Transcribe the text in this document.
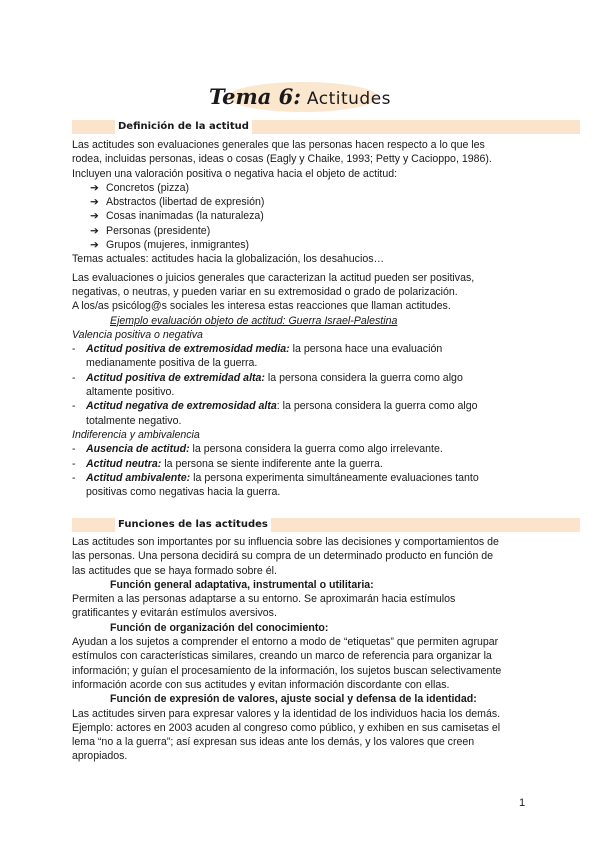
Tema 6: Actitudes
Definición de la actitud

Las actitudes son evaluaciones generales que las personas hacen respecto a lo que les

rodea, incluidas personas, ideas o cosas (Eagly y Chaike, 1993; Petty y Cacioppo, 1986).

Incluyen una valoración positiva o negativa hacia el objeto de actitud:

➔ Concretos (pizza)

➔ Abstractos (libertad de expresión)

➔ Cosas inanimadas (la naturaleza)

➔ Personas (presidente)

➔ Grupos (mujeres, inmigrantes)

Temas actuales: actitudes hacia la globalización, los desahucios…

Las evaluaciones o juicios generales que caracterizan la actitud pueden ser positivas,

negativas, o neutras, y pueden variar en su extremosidad o grado de polarización.

A los/as psicólog@s sociales les interesa estas reacciones que llaman actitudes.

Ejemplo evaluación objeto de actitud: Guerra Israel-Palestina

Valencia positiva o negativa

- Actitud positiva de extremosidad media: la persona hace una evaluación
medianamente positiva de la guerra.
- Actitud positiva de extremidad alta: la persona considera la guerra como algo
altamente positivo.
- Actitud negativa de extremosidad alta: la persona considera la guerra como algo
totalmente negativo.

Indiferencia y ambivalencia

- Ausencia de actitud: la persona considera la guerra como algo irrelevante.
- Actitud neutra: la persona se siente indiferente ante la guerra.
- Actitud ambivalente: la persona experimenta simultáneamente evaluaciones tanto
positivas como negativas hacia la guerra.
Funciones de las actitudes

Las actitudes son importantes por su influencia sobre las decisiones y comportamientos de

las personas. Una persona decidirá su compra de un determinado producto en función de

las actitudes que se haya formado sobre él.

Función general adaptativa, instrumental o utilitaria:

Permiten a las personas adaptarse a su entorno. Se aproximarán hacia estímulos

gratificantes y evitarán estímulos aversivos.

Función de organización del conocimiento:

Ayudan a los sujetos a comprender el entorno a modo de “etiquetas” que permiten agrupar

estímulos con características similares, creando un marco de referencia para organizar la

información; y guían el procesamiento de la información, los sujetos buscan selectivamente

información acorde con sus actitudes y evitan información discordante con ellas.

Función de expresión de valores, ajuste social y defensa de la identidad:

Las actitudes sirven para expresar valores y la identidad de los individuos hacia los demás.

Ejemplo: actores en 2003 acuden al congreso como público, y exhiben en sus camisetas el

lema “no a la guerra”; así expresan sus ideas ante los demás, y los valores que creen

apropiados.

1
